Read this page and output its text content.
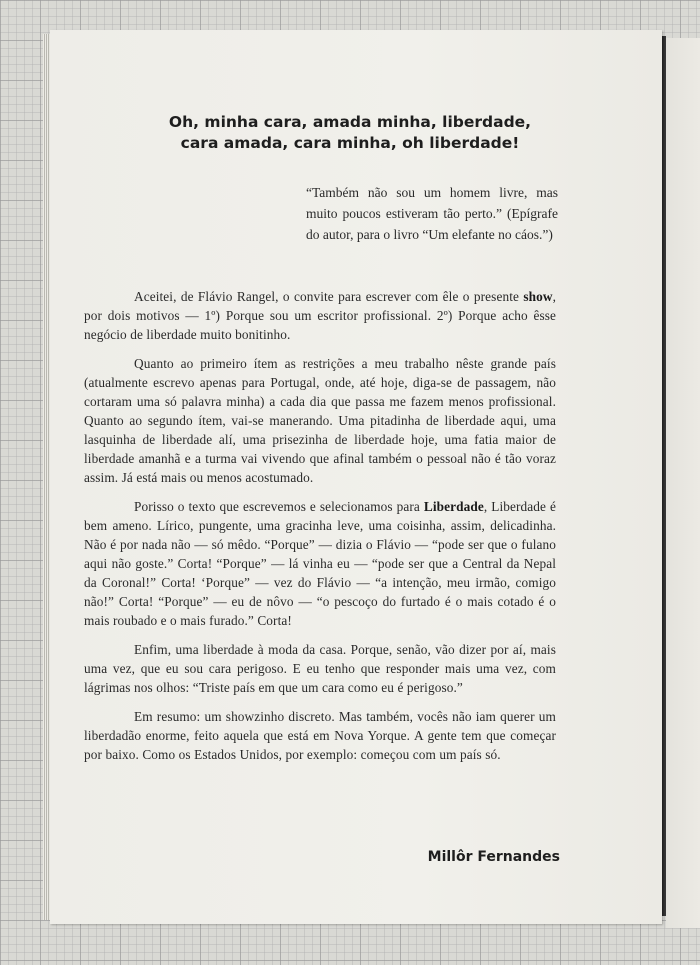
Oh, minha cara, amada minha, liberdade,
cara amada, cara minha, oh liberdade!

“Também não sou um homem livre, mas muito poucos estiveram tão perto.” (Epígrafe do autor, para o livro “Um elefante no cáos.”)

Aceitei, de Flávio Rangel, o convite para escrever com êle o presente show, por dois motivos — 1º) Porque sou um escritor profissional. 2º) Porque acho êsse negócio de liberdade muito bonitinho.

Quanto ao primeiro ítem as restrições a meu trabalho nêste grande país (atualmente escrevo apenas para Portugal, onde, até hoje, diga-se de passagem, não cortaram uma só palavra minha) a cada dia que passa me fazem menos profissional. Quanto ao segundo ítem, vai-se manerando. Uma pitadinha de liberdade aqui, uma lasquinha de liberdade alí, uma prisezinha de liberdade hoje, uma fatia maior de liberdade amanhã e a turma vai vivendo que afinal também o pessoal não é tão voraz assim. Já está mais ou menos acostumado.

Porisso o texto que escrevemos e selecionamos para Liberdade, Liberdade é bem ameno. Lírico, pungente, uma gracinha leve, uma coisinha, assim, delicadinha. Não é por nada não — só mêdo. “Porque” — dizia o Flávio — “pode ser que o fulano aqui não goste.” Corta! “Porque” — lá vinha eu — “pode ser que a Central da Nepal da Coronal!” Corta! ‘Porque” — vez do Flávio — “a intenção, meu irmão, comigo não!” Corta! “Porque” — eu de nôvo — “o pescoço do furtado é o mais cotado é o mais roubado e o mais furado.” Corta!

Enfim, uma liberdade à moda da casa. Porque, senão, vão dizer por aí, mais uma vez, que eu sou cara perigoso. E eu tenho que responder mais uma vez, com lágrimas nos olhos: “Triste país em que um cara como eu é perigoso.”

Em resumo: um showzinho discreto. Mas também, vocês não iam querer um liberdadão enorme, feito aquela que está em Nova Yorque. A gente tem que começar por baixo. Como os Estados Unidos, por exemplo: começou com um país só.

Millôr Fernandes
